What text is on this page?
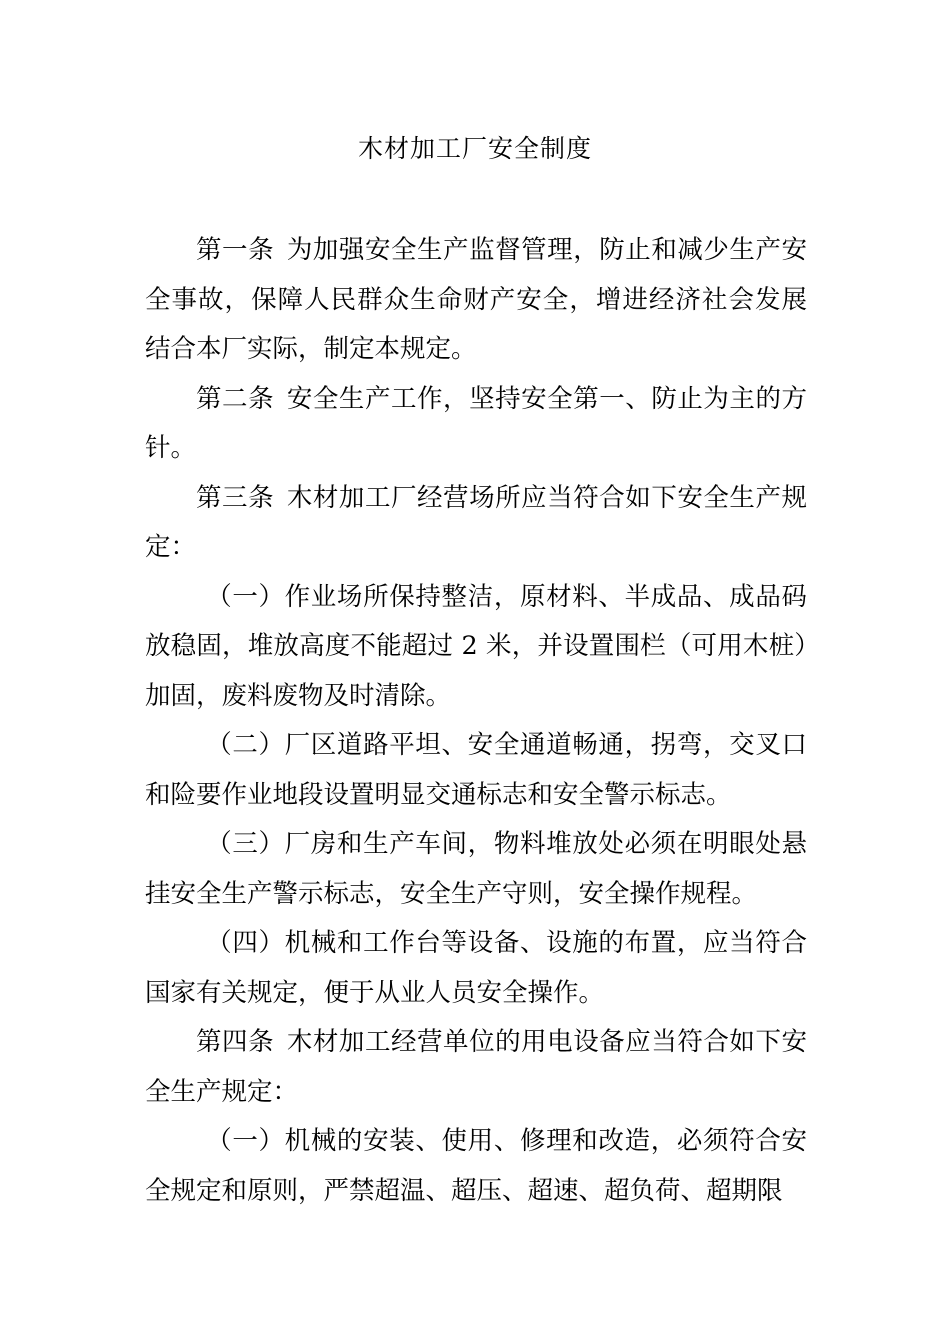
木材加工厂安全制度

第一条 为加强安全生产监督管理，防止和减少生产安全事故，保障人民群众生命财产安全，增进经济社会发展结合本厂实际，制定本规定。

第二条 安全生产工作，坚持安全第一、防止为主的方针。

第三条 木材加工厂经营场所应当符合如下安全生产规定：

（一）作业场所保持整洁，原材料、半成品、成品码放稳固，堆放高度不能超过 2 米，并设置围栏（可用木桩）加固，废料废物及时清除。

（二）厂区道路平坦、安全通道畅通，拐弯，交叉口和险要作业地段设置明显交通标志和安全警示标志。

（三）厂房和生产车间，物料堆放处必须在明眼处悬挂安全生产警示标志，安全生产守则，安全操作规程。

（四）机械和工作台等设备、设施的布置，应当符合国家有关规定，便于从业人员安全操作。

第四条 木材加工经营单位的用电设备应当符合如下安全生产规定：

（一）机械的安装、使用、修理和改造，必须符合安全规定和原则，严禁超温、超压、超速、超负荷、超期限
